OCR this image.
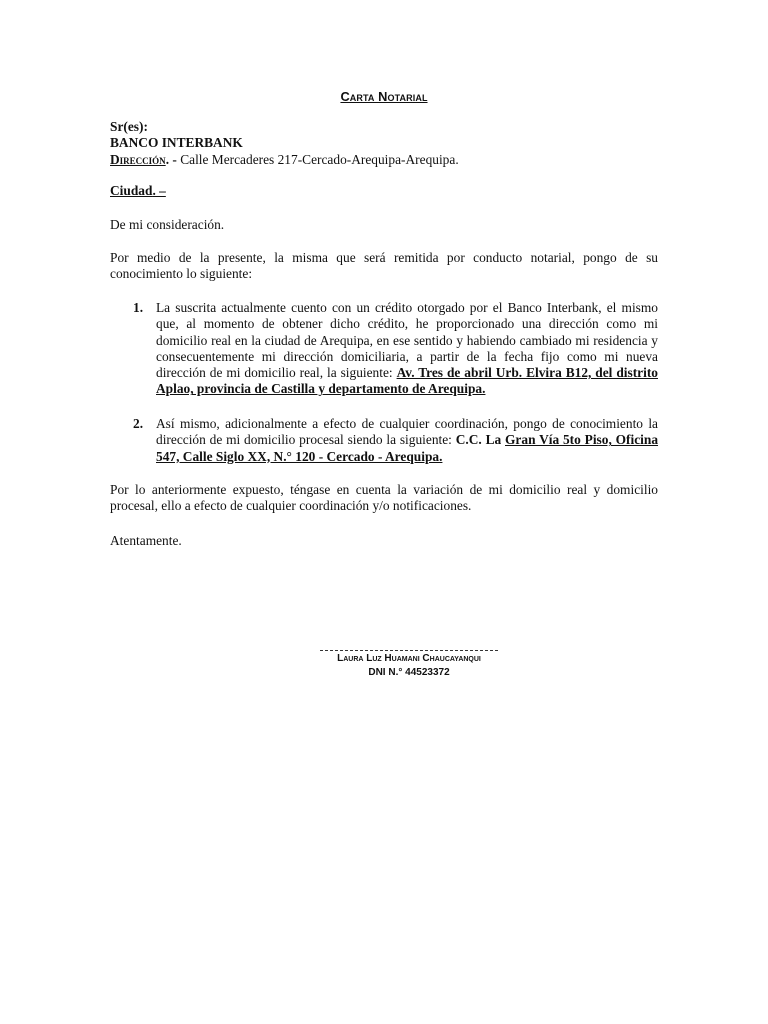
Carta Notarial
Sr(es):
BANCO INTERBANK
Dirección. - Calle Mercaderes 217-Cercado-Arequipa-Arequipa.
Ciudad. –
De mi consideración.
Por medio de la presente, la misma que será remitida por conducto notarial, pongo de su conocimiento lo siguiente:
1. La suscrita actualmente cuento con un crédito otorgado por el Banco Interbank, el mismo que, al momento de obtener dicho crédito, he proporcionado una dirección como mi domicilio real en la ciudad de Arequipa, en ese sentido y habiendo cambiado mi residencia y consecuentemente mi dirección domiciliaria, a partir de la fecha fijo como mi nueva dirección de mi domicilio real, la siguiente: Av. Tres de abril Urb. Elvira B12, del distrito Aplao, provincia de Castilla y departamento de Arequipa.
2. Así mismo, adicionalmente a efecto de cualquier coordinación, pongo de conocimiento la dirección de mi domicilio procesal siendo la siguiente: C.C. La Gran Vía 5to Piso, Oficina 547, Calle Siglo XX, N.° 120 - Cercado - Arequipa.
Por lo anteriormente expuesto, téngase en cuenta la variación de mi domicilio real y domicilio procesal, ello a efecto de cualquier coordinación y/o notificaciones.
Atentamente.
Laura Luz Huamani Chaucayanqui
DNI N.° 44523372
